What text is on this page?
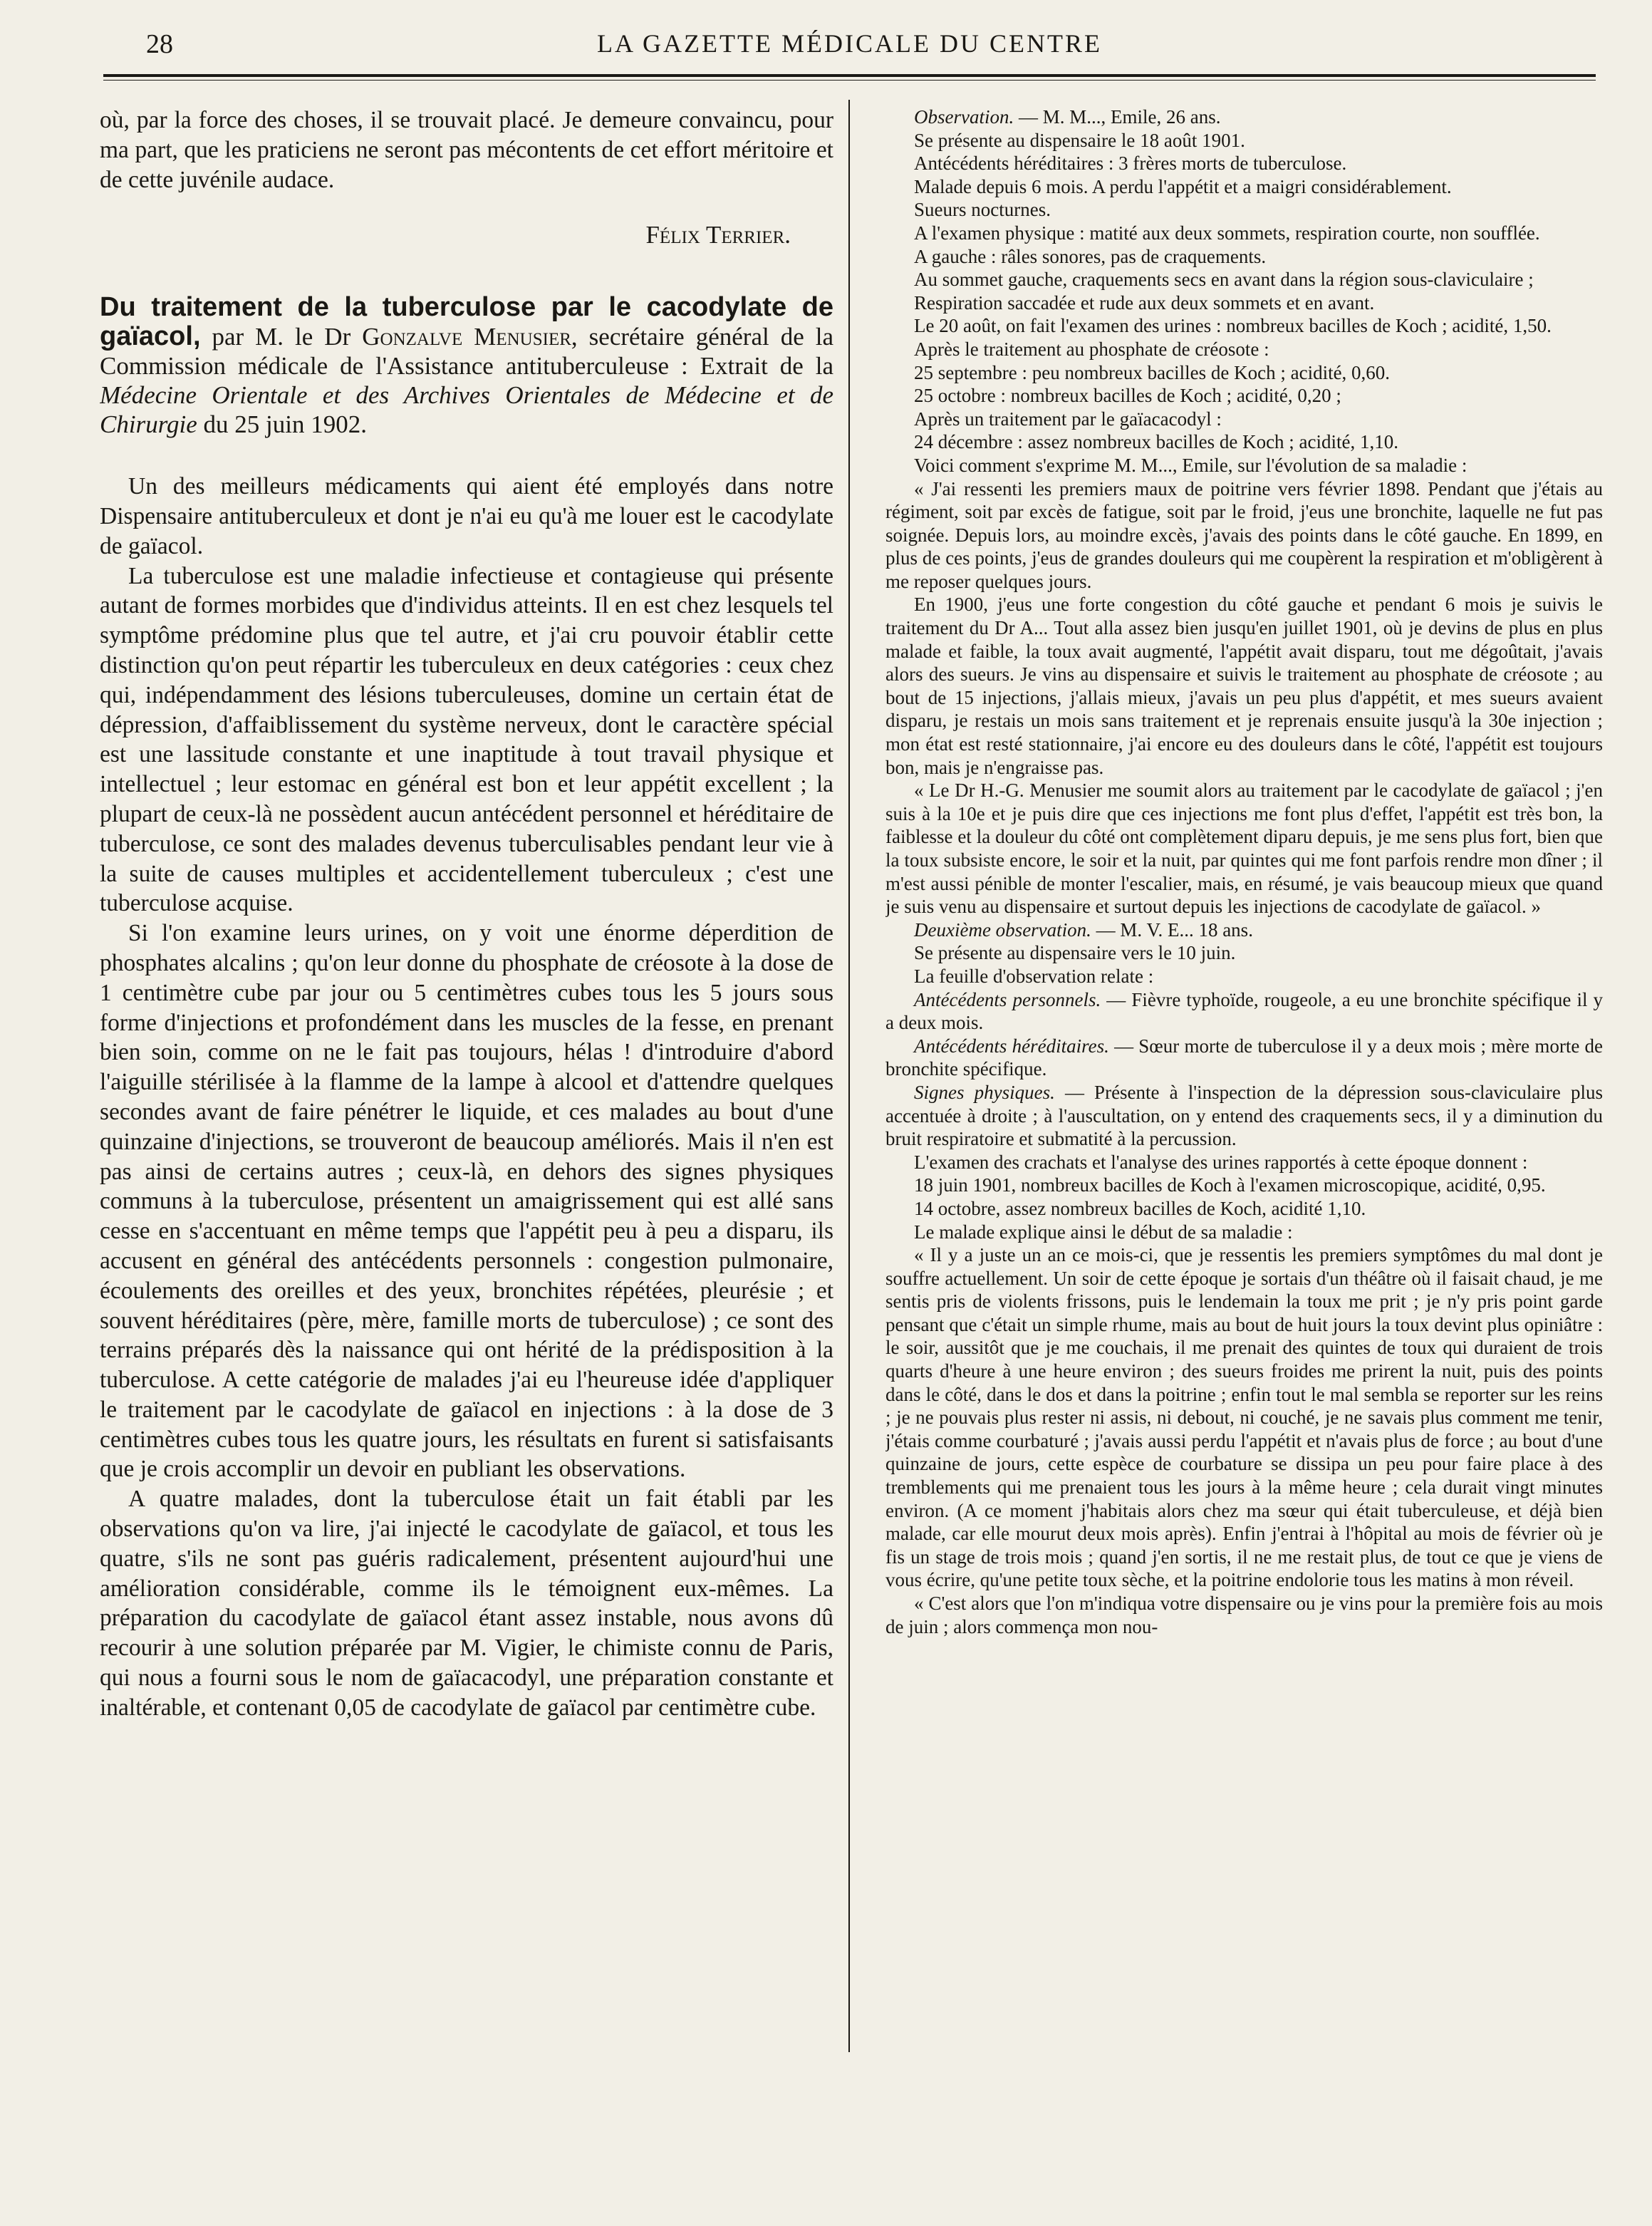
28	LA GAZETTE MÉDICALE DU CENTRE

où, par la force des choses, il se trouvait placé. Je demeure convaincu, pour ma part, que les praticiens ne seront pas mécontents de cet effort méritoire et de cette juvénile audace.

Félix Terrier.
Du traitement de la tuberculose par le cacodylate de gaïacol, par M. le Dr Gonzalve Menusier, secrétaire général de la Commission médicale de l'Assistance antituberculeuse : Extrait de la Médecine Orientale et des Archives Orientales de Médecine et de Chirurgie du 25 juin 1902.

Un des meilleurs médicaments qui aient été employés dans notre Dispensaire antituberculeux et dont je n'ai eu qu'à me louer est le cacodylate de gaïacol.

La tuberculose est une maladie infectieuse et contagieuse qui présente autant de formes morbides que d'individus atteints. Il en est chez lesquels tel symptôme prédomine plus que tel autre, et j'ai cru pouvoir établir cette distinction qu'on peut répartir les tuberculeux en deux catégories : ceux chez qui, indépendamment des lésions tuberculeuses, domine un certain état de dépression, d'affaiblissement du système nerveux, dont le caractère spécial est une lassitude constante et une inaptitude à tout travail physique et intellectuel ; leur estomac en général est bon et leur appétit excellent ; la plupart de ceux-là ne possèdent aucun antécédent personnel et héréditaire de tuberculose, ce sont des malades devenus tuberculisables pendant leur vie à la suite de causes multiples et accidentellement tuberculeux ; c'est une tuberculose acquise.

Si l'on examine leurs urines, on y voit une énorme déperdition de phosphates alcalins ; qu'on leur donne du phosphate de créosote à la dose de 1 centimètre cube par jour ou 5 centimètres cubes tous les 5 jours sous forme d'injections et profondément dans les muscles de la fesse, en prenant bien soin, comme on ne le fait pas toujours, hélas ! d'introduire d'abord l'aiguille stérilisée à la flamme de la lampe à alcool et d'attendre quelques secondes avant de faire pénétrer le liquide, et ces malades au bout d'une quinzaine d'injections, se trouveront de beaucoup améliorés. Mais il n'en est pas ainsi de certains autres ; ceux-là, en dehors des signes physiques communs à la tuberculose, présentent un amaigrissement qui est allé sans cesse en s'accentuant en même temps que l'appétit peu à peu a disparu, ils accusent en général des antécédents personnels : congestion pulmonaire, écoulements des oreilles et des yeux, bronchites répétées, pleurésie ; et souvent héréditaires (père, mère, famille morts de tuberculose) ; ce sont des terrains préparés dès la naissance qui ont hérité de la prédisposition à la tuberculose. A cette catégorie de malades j'ai eu l'heureuse idée d'appliquer le traitement par le cacodylate de gaïacol en injections : à la dose de 3 centimètres cubes tous les quatre jours, les résultats en furent si satisfaisants que je crois accomplir un devoir en publiant les observations.

A quatre malades, dont la tuberculose était un fait établi par les observations qu'on va lire, j'ai injecté le cacodylate de gaïacol, et tous les quatre, s'ils ne sont pas guéris radicalement, présentent aujourd'hui une amélioration considérable, comme ils le témoignent eux-mêmes. La préparation du cacodylate de gaïacol étant assez instable, nous avons dû recourir à une solution préparée par M. Vigier, le chimiste connu de Paris, qui nous a fourni sous le nom de gaïacacodyl, une préparation constante et inaltérable, et contenant 0,05 de cacodylate de gaïacol par centimètre cube.

Observation. — M. M..., Emile, 26 ans.

Se présente au dispensaire le 18 août 1901.

Antécédents héréditaires : 3 frères morts de tuberculose.

Malade depuis 6 mois. A perdu l'appétit et a maigri considérablement.

Sueurs nocturnes.

A l'examen physique : matité aux deux sommets, respiration courte, non soufflée.

A gauche : râles sonores, pas de craquements.

Au sommet gauche, craquements secs en avant dans la région sous-claviculaire ;

Respiration saccadée et rude aux deux sommets et en avant.

Le 20 août, on fait l'examen des urines : nombreux bacilles de Koch ; acidité, 1,50.

Après le traitement au phosphate de créosote :

25 septembre : peu nombreux bacilles de Koch ; acidité, 0,60.

25 octobre : nombreux bacilles de Koch ; acidité, 0,20 ;

Après un traitement par le gaïacacodyl :

24 décembre : assez nombreux bacilles de Koch ; acidité, 1,10.

Voici comment s'exprime M. M..., Emile, sur l'évolution de sa maladie :

« J'ai ressenti les premiers maux de poitrine vers février 1898. Pendant que j'étais au régiment, soit par excès de fatigue, soit par le froid, j'eus une bronchite, laquelle ne fut pas soignée. Depuis lors, au moindre excès, j'avais des points dans le côté gauche. En 1899, en plus de ces points, j'eus de grandes douleurs qui me coupèrent la respiration et m'obligèrent à me reposer quelques jours.

En 1900, j'eus une forte congestion du côté gauche et pendant 6 mois je suivis le traitement du Dr A... Tout alla assez bien jusqu'en juillet 1901, où je devins de plus en plus malade et faible, la toux avait augmenté, l'appétit avait disparu, tout me dégoûtait, j'avais alors des sueurs. Je vins au dispensaire et suivis le traitement au phosphate de créosote ; au bout de 15 injections, j'allais mieux, j'avais un peu plus d'appétit, et mes sueurs avaient disparu, je restais un mois sans traitement et je reprenais ensuite jusqu'à la 30e injection ; mon état est resté stationnaire, j'ai encore eu des douleurs dans le côté, l'appétit est toujours bon, mais je n'engraisse pas.

« Le Dr H.-G. Menusier me soumit alors au traitement par le cacodylate de gaïacol ; j'en suis à la 10e et je puis dire que ces injections me font plus d'effet, l'appétit est très bon, la faiblesse et la douleur du côté ont complètement diparu depuis, je me sens plus fort, bien que la toux subsiste encore, le soir et la nuit, par quintes qui me font parfois rendre mon dîner ; il m'est aussi pénible de monter l'escalier, mais, en résumé, je vais beaucoup mieux que quand je suis venu au dispensaire et surtout depuis les injections de cacodylate de gaïacol. »

Deuxième observation. — M. V. E... 18 ans.

Se présente au dispensaire vers le 10 juin.

La feuille d'observation relate :

Antécédents personnels. — Fièvre typhoïde, rougeole, a eu une bronchite spécifique il y a deux mois.

Antécédents héréditaires. — Sœur morte de tuberculose il y a deux mois ; mère morte de bronchite spécifique.

Signes physiques. — Présente à l'inspection de la dépression sous-claviculaire plus accentuée à droite ; à l'auscultation, on y entend des craquements secs, il y a diminution du bruit respiratoire et submatité à la percussion.

L'examen des crachats et l'analyse des urines rapportés à cette époque donnent :

18 juin 1901, nombreux bacilles de Koch à l'examen microscopique, acidité, 0,95.

14 octobre, assez nombreux bacilles de Koch, acidité 1,10.

Le malade explique ainsi le début de sa maladie :

« Il y a juste un an ce mois-ci, que je ressentis les premiers symptômes du mal dont je souffre actuellement. Un soir de cette époque je sortais d'un théâtre où il faisait chaud, je me sentis pris de violents frissons, puis le lendemain la toux me prit ; je n'y pris point garde pensant que c'était un simple rhume, mais au bout de huit jours la toux devint plus opiniâtre : le soir, aussitôt que je me couchais, il me prenait des quintes de toux qui duraient de trois quarts d'heure à une heure environ ; des sueurs froides me prirent la nuit, puis des points dans le côté, dans le dos et dans la poitrine ; enfin tout le mal sembla se reporter sur les reins ; je ne pouvais plus rester ni assis, ni debout, ni couché, je ne savais plus comment me tenir, j'étais comme courbaturé ; j'avais aussi perdu l'appétit et n'avais plus de force ; au bout d'une quinzaine de jours, cette espèce de courbature se dissipa un peu pour faire place à des tremblements qui me prenaient tous les jours à la même heure ; cela durait vingt minutes environ. (A ce moment j'habitais alors chez ma sœur qui était tuberculeuse, et déjà bien malade, car elle mourut deux mois après). Enfin j'entrai à l'hôpital au mois de février où je fis un stage de trois mois ; quand j'en sortis, il ne me restait plus, de tout ce que je viens de vous écrire, qu'une petite toux sèche, et la poitrine endolorie tous les matins à mon réveil.

« C'est alors que l'on m'indiqua votre dispensaire ou je vins pour la première fois au mois de juin ; alors commença mon nou-
